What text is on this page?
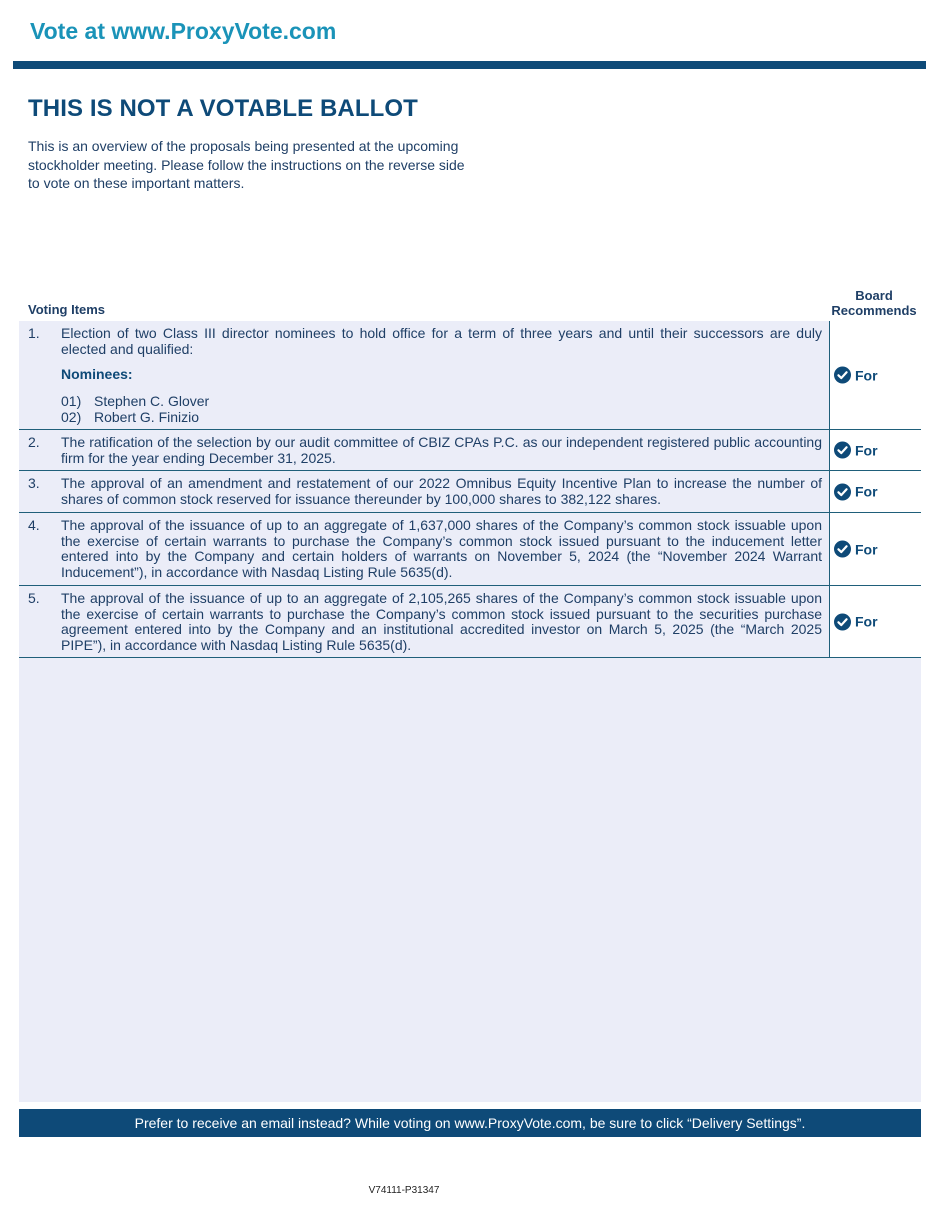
Vote at www.ProxyVote.com
THIS IS NOT A VOTABLE BALLOT
This is an overview of the proposals being presented at the upcoming stockholder meeting. Please follow the instructions on the reverse side to vote on these important matters.
Voting Items
Board
Recommends
1. Election of two Class III director nominees to hold office for a term of three years and until their successors are duly elected and qualified:
Nominees:
01) Stephen C. Glover
02) Robert G. Finizio
For
2. The ratification of the selection by our audit committee of CBIZ CPAs P.C. as our independent registered public accounting firm for the year ending December 31, 2025.	For
3. The approval of an amendment and restatement of our 2022 Omnibus Equity Incentive Plan to increase the number of shares of common stock reserved for issuance thereunder by 100,000 shares to 382,122 shares.	For
4. The approval of the issuance of up to an aggregate of 1,637,000 shares of the Company’s common stock issuable upon the exercise of certain warrants to purchase the Company’s common stock issued pursuant to the inducement letter entered into by the Company and certain holders of warrants on November 5, 2024 (the “November 2024 Warrant Inducement”), in accordance with Nasdaq Listing Rule 5635(d).
For
5. The approval of the issuance of up to an aggregate of 2,105,265 shares of the Company’s common stock issuable upon the exercise of certain warrants to purchase the Company’s common stock issued pursuant to the securities purchase agreement entered into by the Company and an institutional accredited investor on March 5, 2025 (the “March 2025 PIPE”), in accordance with Nasdaq Listing Rule 5635(d).
For
Prefer to receive an email instead? While voting on www.ProxyVote.com, be sure to click “Delivery Settings”.
V74111-P31347
